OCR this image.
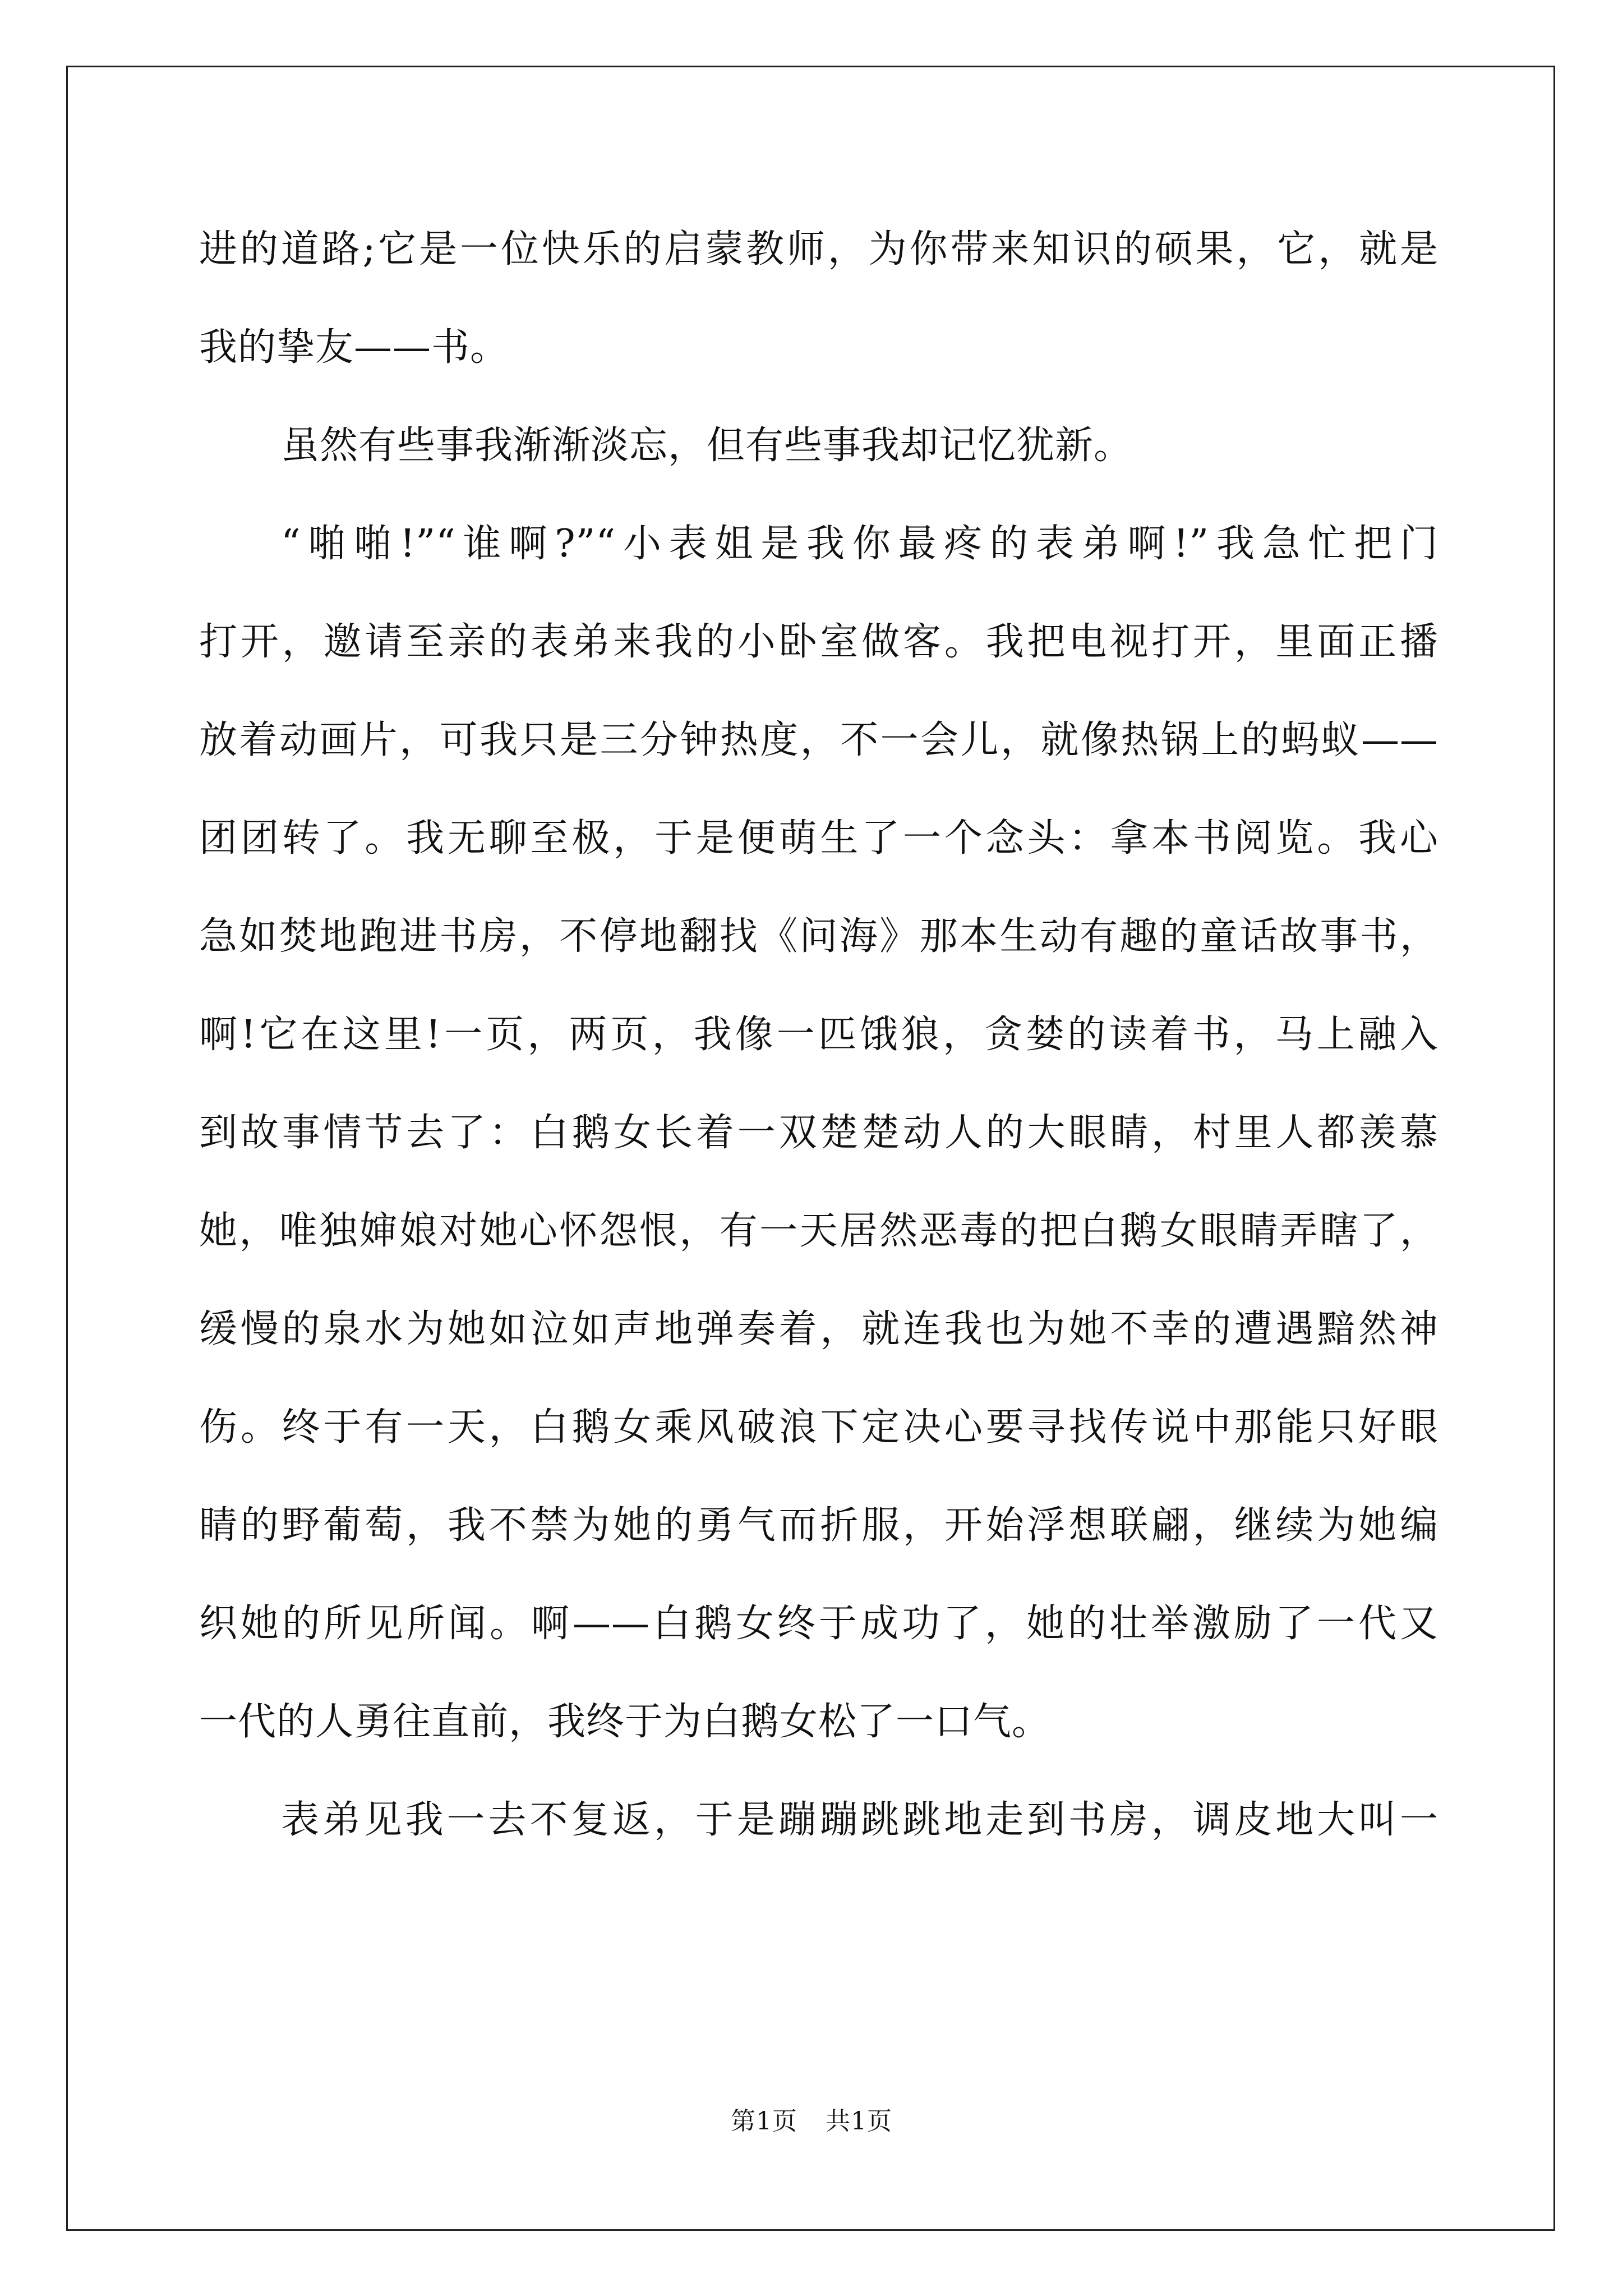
进的道路;它是一位快乐的启蒙教师，为你带来知识的硕果，它，就是
我的挚友——书。
虽然有些事我渐渐淡忘，但有些事我却记忆犹新。
“啪啪!”“谁啊?”“小表姐是我你最疼的表弟啊!”我急忙把门
打开，邀请至亲的表弟来我的小卧室做客。我把电视打开，里面正播
放着动画片，可我只是三分钟热度，不一会儿，就像热锅上的蚂蚁——
团团转了。我无聊至极，于是便萌生了一个念头：拿本书阅览。我心
急如焚地跑进书房，不停地翻找《问海》那本生动有趣的童话故事书，
啊!它在这里!一页，两页，我像一匹饿狼，贪婪的读着书，马上融入
到故事情节去了：白鹅女长着一双楚楚动人的大眼睛，村里人都羡慕
她，唯独婶娘对她心怀怨恨，有一天居然恶毒的把白鹅女眼睛弄瞎了，
缓慢的泉水为她如泣如声地弹奏着，就连我也为她不幸的遭遇黯然神
伤。终于有一天，白鹅女乘风破浪下定决心要寻找传说中那能只好眼
睛的野葡萄，我不禁为她的勇气而折服，开始浮想联翩，继续为她编
织她的所见所闻。啊——白鹅女终于成功了，她的壮举激励了一代又
一代的人勇往直前，我终于为白鹅女松了一口气。
表弟见我一去不复返，于是蹦蹦跳跳地走到书房，调皮地大叫一
第1页 共1页
